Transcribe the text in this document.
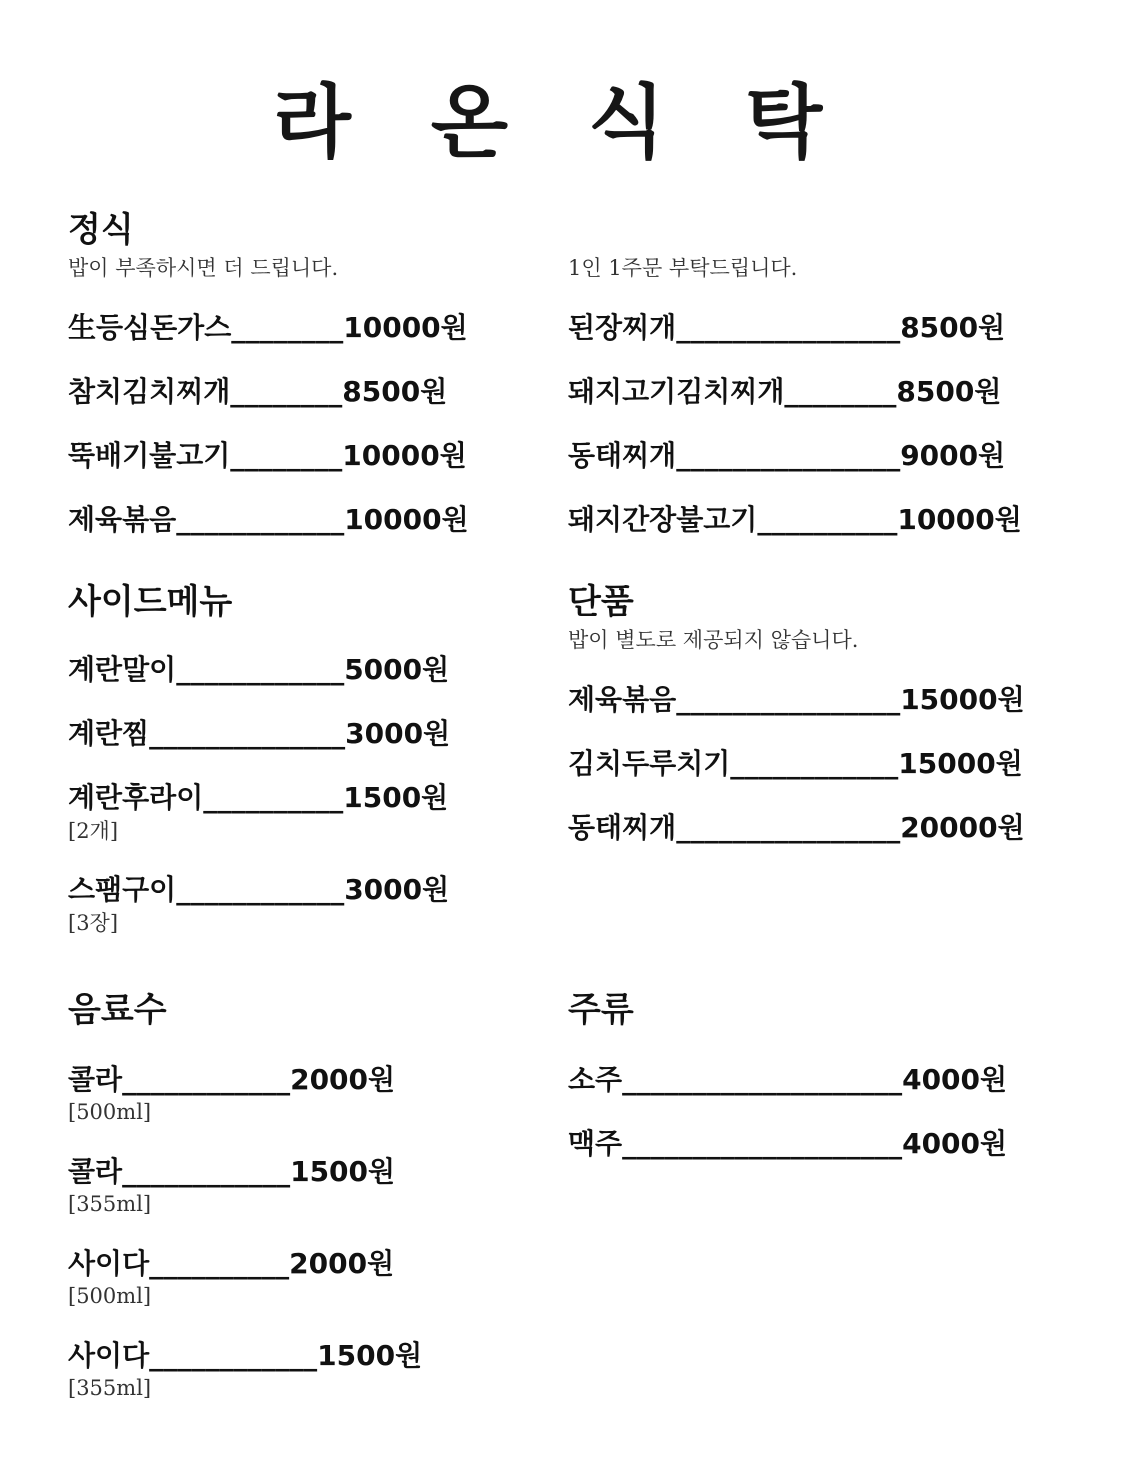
라 온 식 탁
정식
밥이 부족하시면 더 드립니다.	1인 1주문 부탁드립니다.
生등심돈가스________10000원
참치김치찌개________8500원
뚝배기불고기________10000원
제육볶음____________10000원
된장찌개________________8500원
돼지고기김치찌개________8500원
동태찌개________________9000원
돼지간장불고기__________10000원
사이드메뉴
계란말이____________5000원
계란찜______________3000원
계란후라이__________1500원
[2개]
스팸구이____________3000원
[3장]
단품
밥이 별도로 제공되지 않습니다.
제육볶음________________15000원
김치두루치기____________15000원
동태찌개________________20000원
음료수
콜라____________2000원
[500ml]
콜라____________1500원
[355ml]
사이다__________2000원
[500ml]
사이다____________1500원
[355ml]
주류
소주____________________4000원
맥주____________________4000원
